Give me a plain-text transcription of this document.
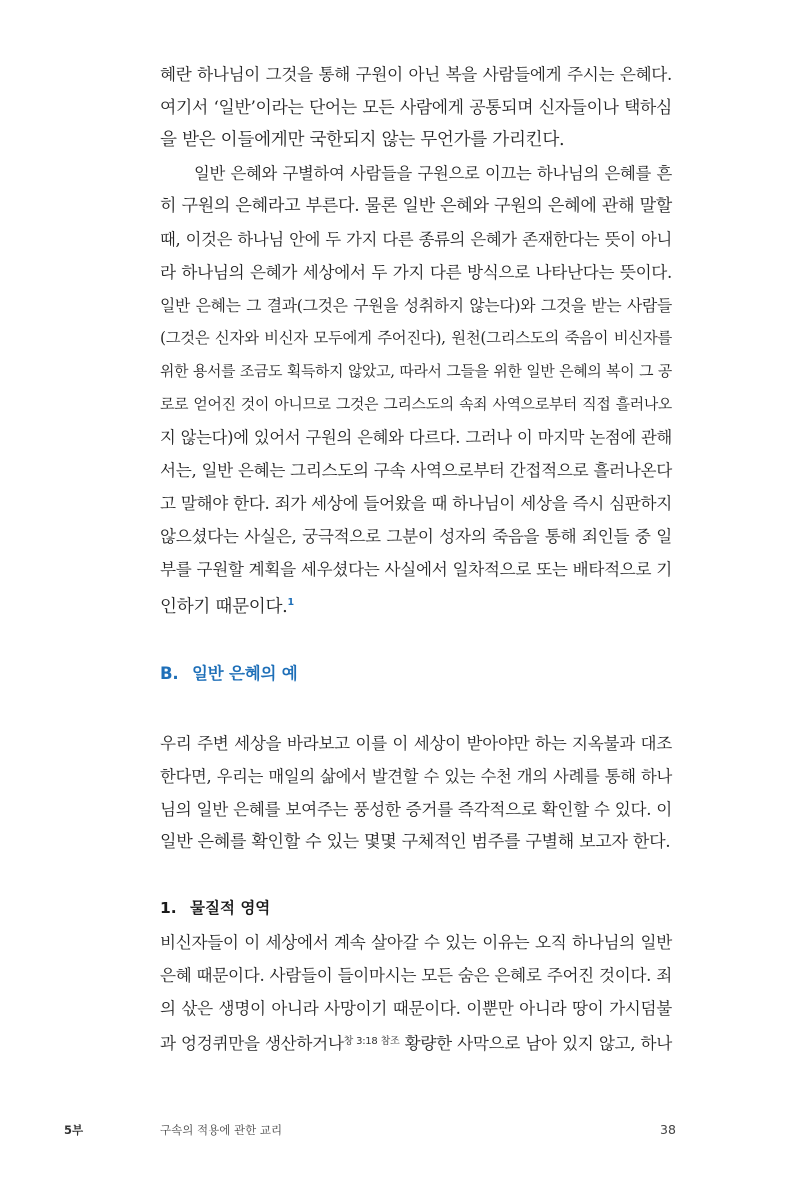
혜란 하나님이 그것을 통해 구원이 아닌 복을 사람들에게 주시는 은혜다.
여기서 ‘일반’이라는 단어는 모든 사람에게 공통되며 신자들이나 택하심
을 받은 이들에게만 국한되지 않는 무언가를 가리킨다.
일반 은혜와 구별하여 사람들을 구원으로 이끄는 하나님의 은혜를 흔
히 구원의 은혜라고 부른다. 물론 일반 은혜와 구원의 은혜에 관해 말할
때, 이것은 하나님 안에 두 가지 다른 종류의 은혜가 존재한다는 뜻이 아니
라 하나님의 은혜가 세상에서 두 가지 다른 방식으로 나타난다는 뜻이다.
일반 은혜는 그 결과(그것은 구원을 성취하지 않는다)와 그것을 받는 사람들
(그것은 신자와 비신자 모두에게 주어진다), 원천(그리스도의 죽음이 비신자를
위한 용서를 조금도 획득하지 않았고, 따라서 그들을 위한 일반 은혜의 복이 그 공
로로 얻어진 것이 아니므로 그것은 그리스도의 속죄 사역으로부터 직접 흘러나오
지 않는다)에 있어서 구원의 은혜와 다르다. 그러나 이 마지막 논점에 관해
서는, 일반 은혜는 그리스도의 구속 사역으로부터 간접적으로 흘러나온다
고 말해야 한다. 죄가 세상에 들어왔을 때 하나님이 세상을 즉시 심판하지
않으셨다는 사실은, 궁극적으로 그분이 성자의 죽음을 통해 죄인들 중 일
부를 구원할 계획을 세우셨다는 사실에서 일차적으로 또는 배타적으로 기
인하기 때문이다.$^1$
B. 일반 은혜의 예
우리 주변 세상을 바라보고 이를 이 세상이 받아야만 하는 지옥불과 대조
한다면, 우리는 매일의 삶에서 발견할 수 있는 수천 개의 사례를 통해 하나
님의 일반 은혜를 보여주는 풍성한 증거를 즉각적으로 확인할 수 있다. 이
일반 은혜를 확인할 수 있는 몇몇 구체적인 범주를 구별해 보고자 한다.
1. 물질적 영역
비신자들이 이 세상에서 계속 살아갈 수 있는 이유는 오직 하나님의 일반
은혜 때문이다. 사람들이 들이마시는 모든 숨은 은혜로 주어진 것이다. 죄
의 삯은 생명이 아니라 사망이기 때문이다. 이뿐만 아니라 땅이 가시덤불
과 엉겅퀴만을 생산하거나$^{창 3:18 참조}$ 황량한 사막으로 남아 있지 않고, 하나
5부	구속의 적용에 관한 교리	38
